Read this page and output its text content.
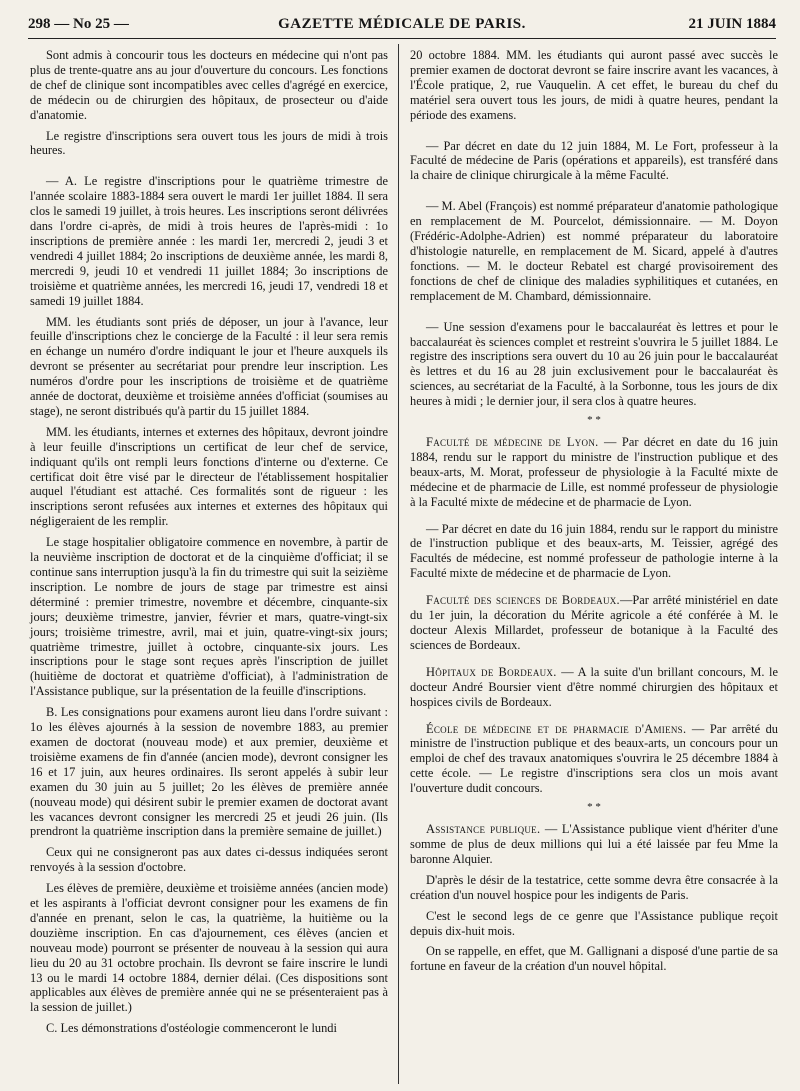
298 — No 25 —	GAZETTE MÉDICALE DE PARIS.	21 JUIN 1884

Sont admis à concourir tous les docteurs en médecine qui n'ont pas plus de trente-quatre ans au jour d'ouverture du concours. Les fonctions de chef de clinique sont incompatibles avec celles d'agrégé en exercice, de médecin ou de chirurgien des hôpitaux, de prosecteur ou d'aide d'anatomie.

Le registre d'inscriptions sera ouvert tous les jours de midi à trois heures.

— A. Le registre d'inscriptions pour le quatrième trimestre de l'année scolaire 1883-1884 sera ouvert le mardi 1er juillet 1884. Il sera clos le samedi 19 juillet, à trois heures. Les inscriptions seront délivrées dans l'ordre ci-après, de midi à trois heures de l'après-midi : 1o inscriptions de première année : les mardi 1er, mercredi 2, jeudi 3 et vendredi 4 juillet 1884; 2o inscriptions de deuxième année, les mardi 8, mercredi 9, jeudi 10 et vendredi 11 juillet 1884; 3o inscriptions de troisième et quatrième années, les mercredi 16, jeudi 17, vendredi 18 et samedi 19 juillet 1884.

MM. les étudiants sont priés de déposer, un jour à l'avance, leur feuille d'inscriptions chez le concierge de la Faculté : il leur sera remis en échange un numéro d'ordre indiquant le jour et l'heure auxquels ils devront se présenter au secrétariat pour prendre leur inscription. Les numéros d'ordre pour les inscriptions de troisième et de quatrième année de doctorat, deuxième et troisième années d'officiat (soumises au stage), ne seront distribués qu'à partir du 15 juillet 1884.

MM. les étudiants, internes et externes des hôpitaux, devront joindre à leur feuille d'inscriptions un certificat de leur chef de service, indiquant qu'ils ont rempli leurs fonctions d'interne ou d'externe. Ce certificat doit être visé par le directeur de l'établissement hospitalier auquel l'étudiant est attaché. Ces formalités sont de rigueur : les inscriptions seront refusées aux internes et externes des hôpitaux qui négligeraient de les remplir.

Le stage hospitalier obligatoire commence en novembre, à partir de la neuvième inscription de doctorat et de la cinquième d'officiat; il se continue sans interruption jusqu'à la fin du trimestre qui suit la seizième inscription. Le nombre de jours de stage par trimestre est ainsi déterminé : premier trimestre, novembre et décembre, cinquante-six jours; deuxième trimestre, janvier, février et mars, quatre-vingt-six jours; troisième trimestre, avril, mai et juin, quatre-vingt-six jours; quatrième trimestre, juillet à octobre, cinquante-six jours. Les inscriptions pour le stage sont reçues après l'inscription de juillet (huitième de doctorat et quatrième d'officiat), à l'administration de l'Assistance publique, sur la présentation de la feuille d'inscriptions.

B. Les consignations pour examens auront lieu dans l'ordre suivant : 1o les élèves ajournés à la session de novembre 1883, au premier examen de doctorat (nouveau mode) et aux premier, deuxième et troisième examens de fin d'année (ancien mode), devront consigner les 16 et 17 juin, aux heures ordinaires. Ils seront appelés à subir leur examen du 30 juin au 5 juillet; 2o les élèves de première année (nouveau mode) qui désirent subir le premier examen de doctorat avant les vacances devront consigner les mercredi 25 et jeudi 26 juin. (Ils prendront la quatrième inscription dans la première semaine de juillet.)

Ceux qui ne consigneront pas aux dates ci-dessus indiquées seront renvoyés à la session d'octobre.

Les élèves de première, deuxième et troisième années (ancien mode) et les aspirants à l'officiat devront consigner pour les examens de fin d'année en prenant, selon le cas, la quatrième, la huitième ou la douzième inscription. En cas d'ajournement, ces élèves (ancien et nouveau mode) pourront se présenter de nouveau à la session qui aura lieu du 20 au 31 octobre prochain. Ils devront se faire inscrire le lundi 13 ou le mardi 14 octobre 1884, dernier délai. (Ces dispositions sont applicables aux élèves de première année qui ne se présenteraient pas à la session de juillet.)

C. Les démonstrations d'ostéologie commenceront le lundi

20 octobre 1884. MM. les étudiants qui auront passé avec succès le premier examen de doctorat devront se faire inscrire avant les vacances, à l'École pratique, 2, rue Vauquelin. A cet effet, le bureau du chef du matériel sera ouvert tous les jours, de midi à quatre heures, pendant la période des examens.

— Par décret en date du 12 juin 1884, M. Le Fort, professeur à la Faculté de médecine de Paris (opérations et appareils), est transféré dans la chaire de clinique chirurgicale à la même Faculté.

— M. Abel (François) est nommé préparateur d'anatomie pathologique en remplacement de M. Pourcelot, démissionnaire. — M. Doyon (Frédéric-Adolphe-Adrien) est nommé préparateur du laboratoire d'histologie naturelle, en remplacement de M. Sicard, appelé à d'autres fonctions. — M. le docteur Rebatel est chargé provisoirement des fonctions de chef de clinique des maladies syphilitiques et cutanées, en remplacement de M. Chambard, démissionnaire.

— Une session d'examens pour le baccalauréat ès lettres et pour le baccalauréat ès sciences complet et restreint s'ouvrira le 5 juillet 1884. Le registre des inscriptions sera ouvert du 10 au 26 juin pour le baccalauréat ès lettres et du 16 au 28 juin exclusivement pour le baccalauréat ès sciences, au secrétariat de la Faculté, à la Sorbonne, tous les jours de dix heures à midi ; le dernier jour, il sera clos à quatre heures.

* *

Faculté de médecine de Lyon. — Par décret en date du 16 juin 1884, rendu sur le rapport du ministre de l'instruction publique et des beaux-arts, M. Morat, professeur de physiologie à la Faculté mixte de médecine et de pharmacie de Lille, est nommé professeur de physiologie à la Faculté mixte de médecine et de pharmacie de Lyon.

— Par décret en date du 16 juin 1884, rendu sur le rapport du ministre de l'instruction publique et des beaux-arts, M. Teissier, agrégé des Facultés de médecine, est nommé professeur de pathologie interne à la Faculté mixte de médecine et de pharmacie de Lyon.

Faculté des sciences de Bordeaux.—Par arrêté ministériel en date du 1er juin, la décoration du Mérite agricole a été conférée à M. le docteur Alexis Millardet, professeur de botanique à la Faculté des sciences de Bordeaux.

Hôpitaux de Bordeaux. — A la suite d'un brillant concours, M. le docteur André Boursier vient d'être nommé chirurgien des hôpitaux et hospices civils de Bordeaux.

École de médecine et de pharmacie d'Amiens. — Par arrêté du ministre de l'instruction publique et des beaux-arts, un concours pour un emploi de chef des travaux anatomiques s'ouvrira le 25 décembre 1884 à cette école. — Le registre d'inscriptions sera clos un mois avant l'ouverture dudit concours.

* *

Assistance publique. — L'Assistance publique vient d'hériter d'une somme de plus de deux millions qui lui a été laissée par feu Mme la baronne Alquier.

D'après le désir de la testatrice, cette somme devra être consacrée à la création d'un nouvel hospice pour les indigents de Paris.

C'est le second legs de ce genre que l'Assistance publique reçoit depuis dix-huit mois.

On se rappelle, en effet, que M. Gallignani a disposé d'une partie de sa fortune en faveur de la création d'un nouvel hôpital.
